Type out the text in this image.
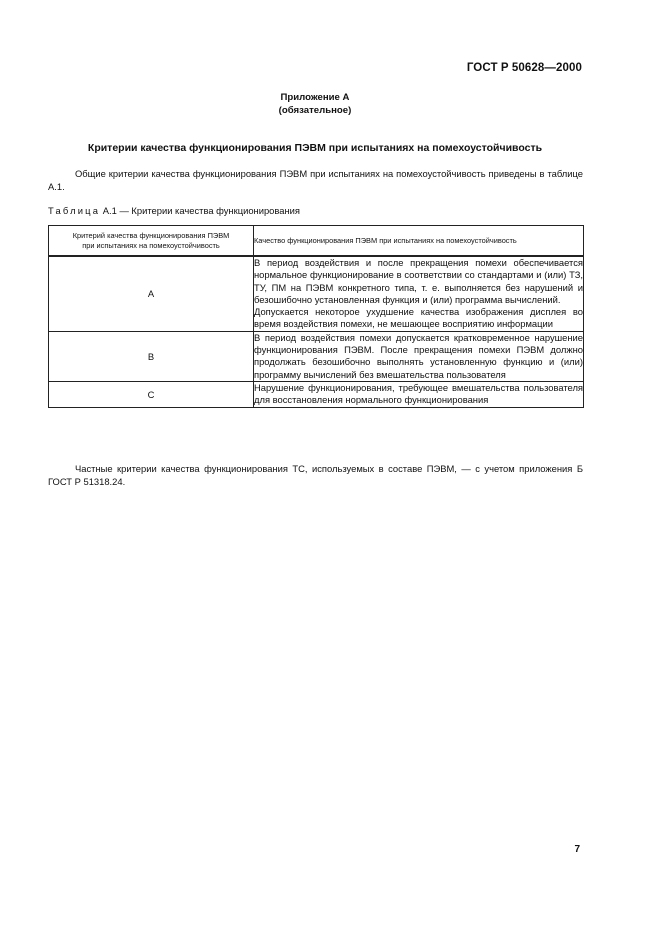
ГОСТ Р 50628—2000
Приложение А
(обязательное)
Критерии качества функционирования ПЭВМ при испытаниях на помехоустойчивость
Общие критерии качества функционирования ПЭВМ при испытаниях на помехоустойчивость приведены в таблице А.1.
Таблица А.1 — Критерии качества функционирования
Критерий качества функционирования ПЭВМ
при испытаниях на помехоустойчивость	Качество функционирования ПЭВМ при испытаниях на помехоустойчивость
A	В период воздействия и после прекращения помехи обеспечивается нормальное функционирование в соответствии со стандартами и (или) ТЗ, ТУ, ПМ на ПЭВМ конкретного типа, т. е. выполняется без нарушений и безошибочно установленная функция и (или) программа вычислений.

Допускается некоторое ухудшение качества изображения дисплея во время воздействия помехи, не мешающее восприятию информации

B	В период воздействия помехи допускается кратковременное нарушение функционирования ПЭВМ. После прекращения помехи ПЭВМ должно продолжать безошибочно выполнять установленную функцию и (или) программу вычислений без вмешательства пользователя

C	Нарушение функционирования, требующее вмешательства пользователя для восстановления нормального функционирования

Частные критерии качества функционирования ТС, используемых в составе ПЭВМ, — с учетом приложения Б ГОСТ Р 51318.24.
7
